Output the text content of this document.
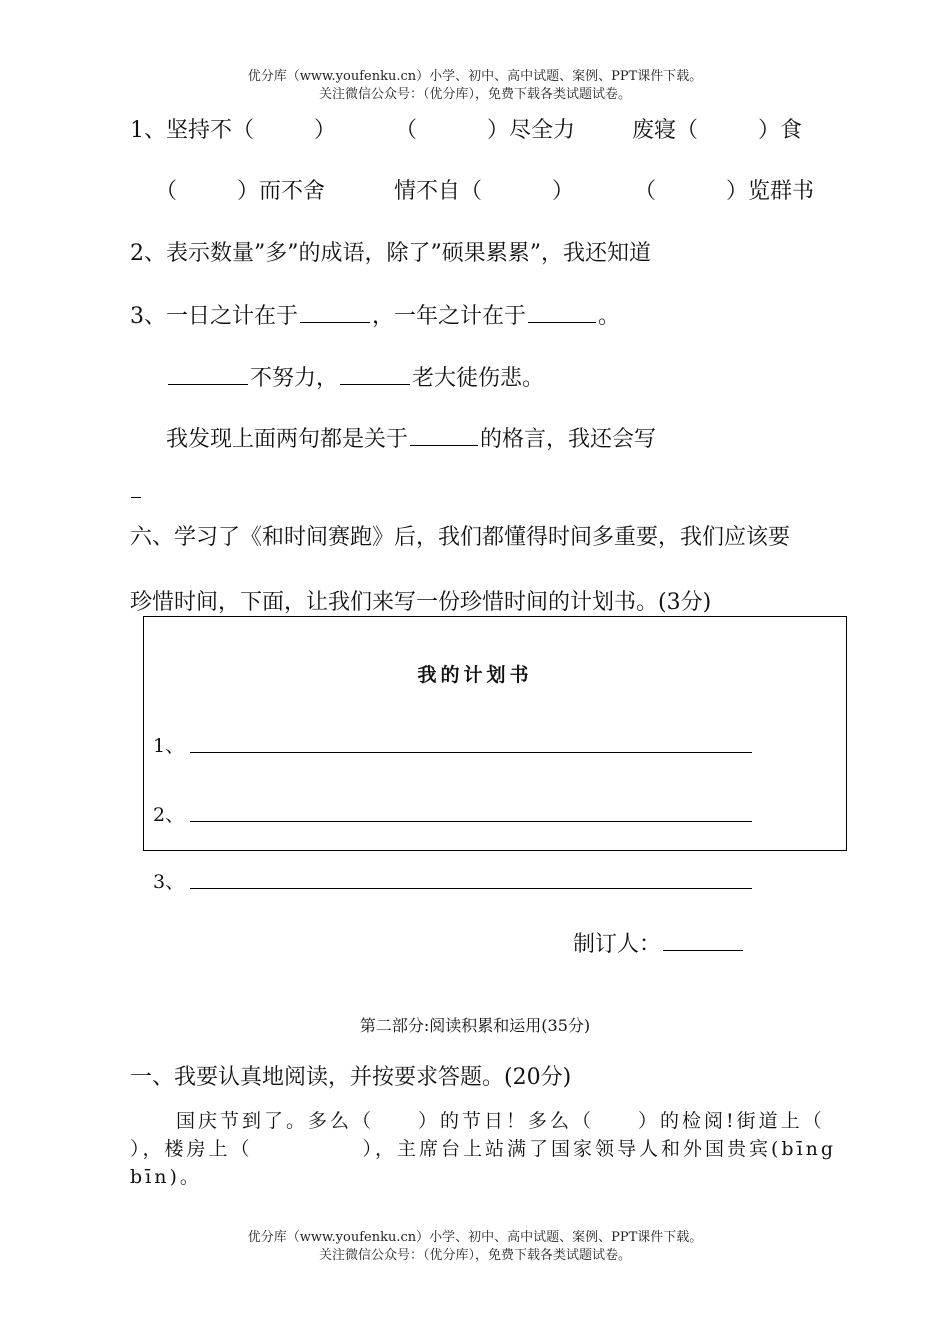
优分库（www.youfenku.cn）小学、初中、高中试题、案例、PPT课件下载。
关注微信公众号：（优分库），免费下载各类试题试卷。
1、坚持不（	）	（	）尽全力	废寝（	）食
（	）而不舍	情不自（	）	（	）览群书
2、表示数量”多”的成语，除了”硕果累累”，我还知道
3、一日之计在于	，一年之计在于	。
不努力，	老大徒伤悲。
我发现上面两句都是关于	的格言，我还会写
六、学习了《和时间赛跑》后，我们都懂得时间多重要，我们应该要
珍惜时间，下面，让我们来写一份珍惜时间的计划书。(3分)
我的计划书
1、
2、
3、
制订人：
第二部分:阅读积累和运用(35分)
一、我要认真地阅读，并按要求答题。(20分)
国庆节到了。多么（ ）的节日！多么（ ）的检阅!街道上（
），楼房上（	），主席台上站满了国家领导人和外国贵宾(bīng
bīn)。
优分库（www.youfenku.cn）小学、初中、高中试题、案例、PPT课件下载。
关注微信公众号：（优分库），免费下载各类试题试卷。
